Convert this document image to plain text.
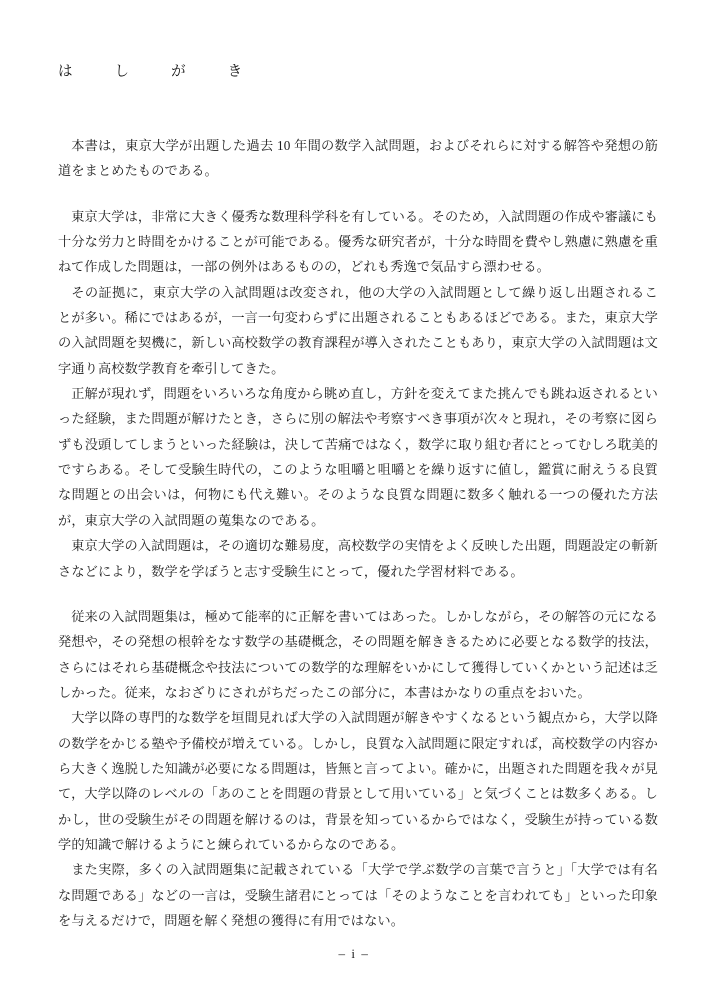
は　し　が　き

本書は，東京大学が出題した過去 10 年間の数学入試問題，およびそれらに対する解答や発想の筋道をまとめたものである。

東京大学は，非常に大きく優秀な数理科学科を有している。そのため，入試問題の作成や審議にも十分な労力と時間をかけることが可能である。優秀な研究者が，十分な時間を費やし熟慮に熟慮を重ねて作成した問題は，一部の例外はあるものの，どれも秀逸で気品すら漂わせる。

その証拠に，東京大学の入試問題は改変され，他の大学の入試問題として繰り返し出題されることが多い。稀にではあるが，一言一句変わらずに出題されることもあるほどである。また，東京大学の入試問題を契機に，新しい高校数学の教育課程が導入されたこともあり，東京大学の入試問題は文字通り高校数学教育を牽引してきた。

正解が現れず，問題をいろいろな角度から眺め直し，方針を変えてまた挑んでも跳ね返されるといった経験，また問題が解けたとき，さらに別の解法や考察すべき事項が次々と現れ，その考察に図らずも没頭してしまうといった経験は，決して苦痛ではなく，数学に取り組む者にとってむしろ耽美的ですらある。そして受験生時代の，このような咀嚼と咀嚼とを繰り返すに値し，鑑賞に耐えうる良質な問題との出会いは，何物にも代え難い。そのような良質な問題に数多く触れる一つの優れた方法が，東京大学の入試問題の蒐集なのである。

東京大学の入試問題は，その適切な難易度，高校数学の実情をよく反映した出題，問題設定の斬新さなどにより，数学を学ぼうと志す受験生にとって，優れた学習材料である。

従来の入試問題集は，極めて能率的に正解を書いてはあった。しかしながら，その解答の元になる発想や，その発想の根幹をなす数学の基礎概念，その問題を解ききるために必要となる数学的技法，さらにはそれら基礎概念や技法についての数学的な理解をいかにして獲得していくかという記述は乏しかった。従来，なおざりにされがちだったこの部分に，本書はかなりの重点をおいた。

大学以降の専門的な数学を垣間見れば大学の入試問題が解きやすくなるという観点から，大学以降の数学をかじる塾や予備校が増えている。しかし，良質な入試問題に限定すれば，高校数学の内容から大きく逸脱した知識が必要になる問題は，皆無と言ってよい。確かに，出題された問題を我々が見て，大学以降のレベルの「あのことを問題の背景として用いている」と気づくことは数多くある。しかし，世の受験生がその問題を解けるのは，背景を知っているからではなく，受験生が持っている数学的知識で解けるようにと練られているからなのである。

また実際，多くの入試問題集に記載されている「大学で学ぶ数学の言葉で言うと」「大学では有名な問題である」などの一言は，受験生諸君にとっては「そのようなことを言われても」といった印象を与えるだけで，問題を解く発想の獲得に有用ではない。

– i –
